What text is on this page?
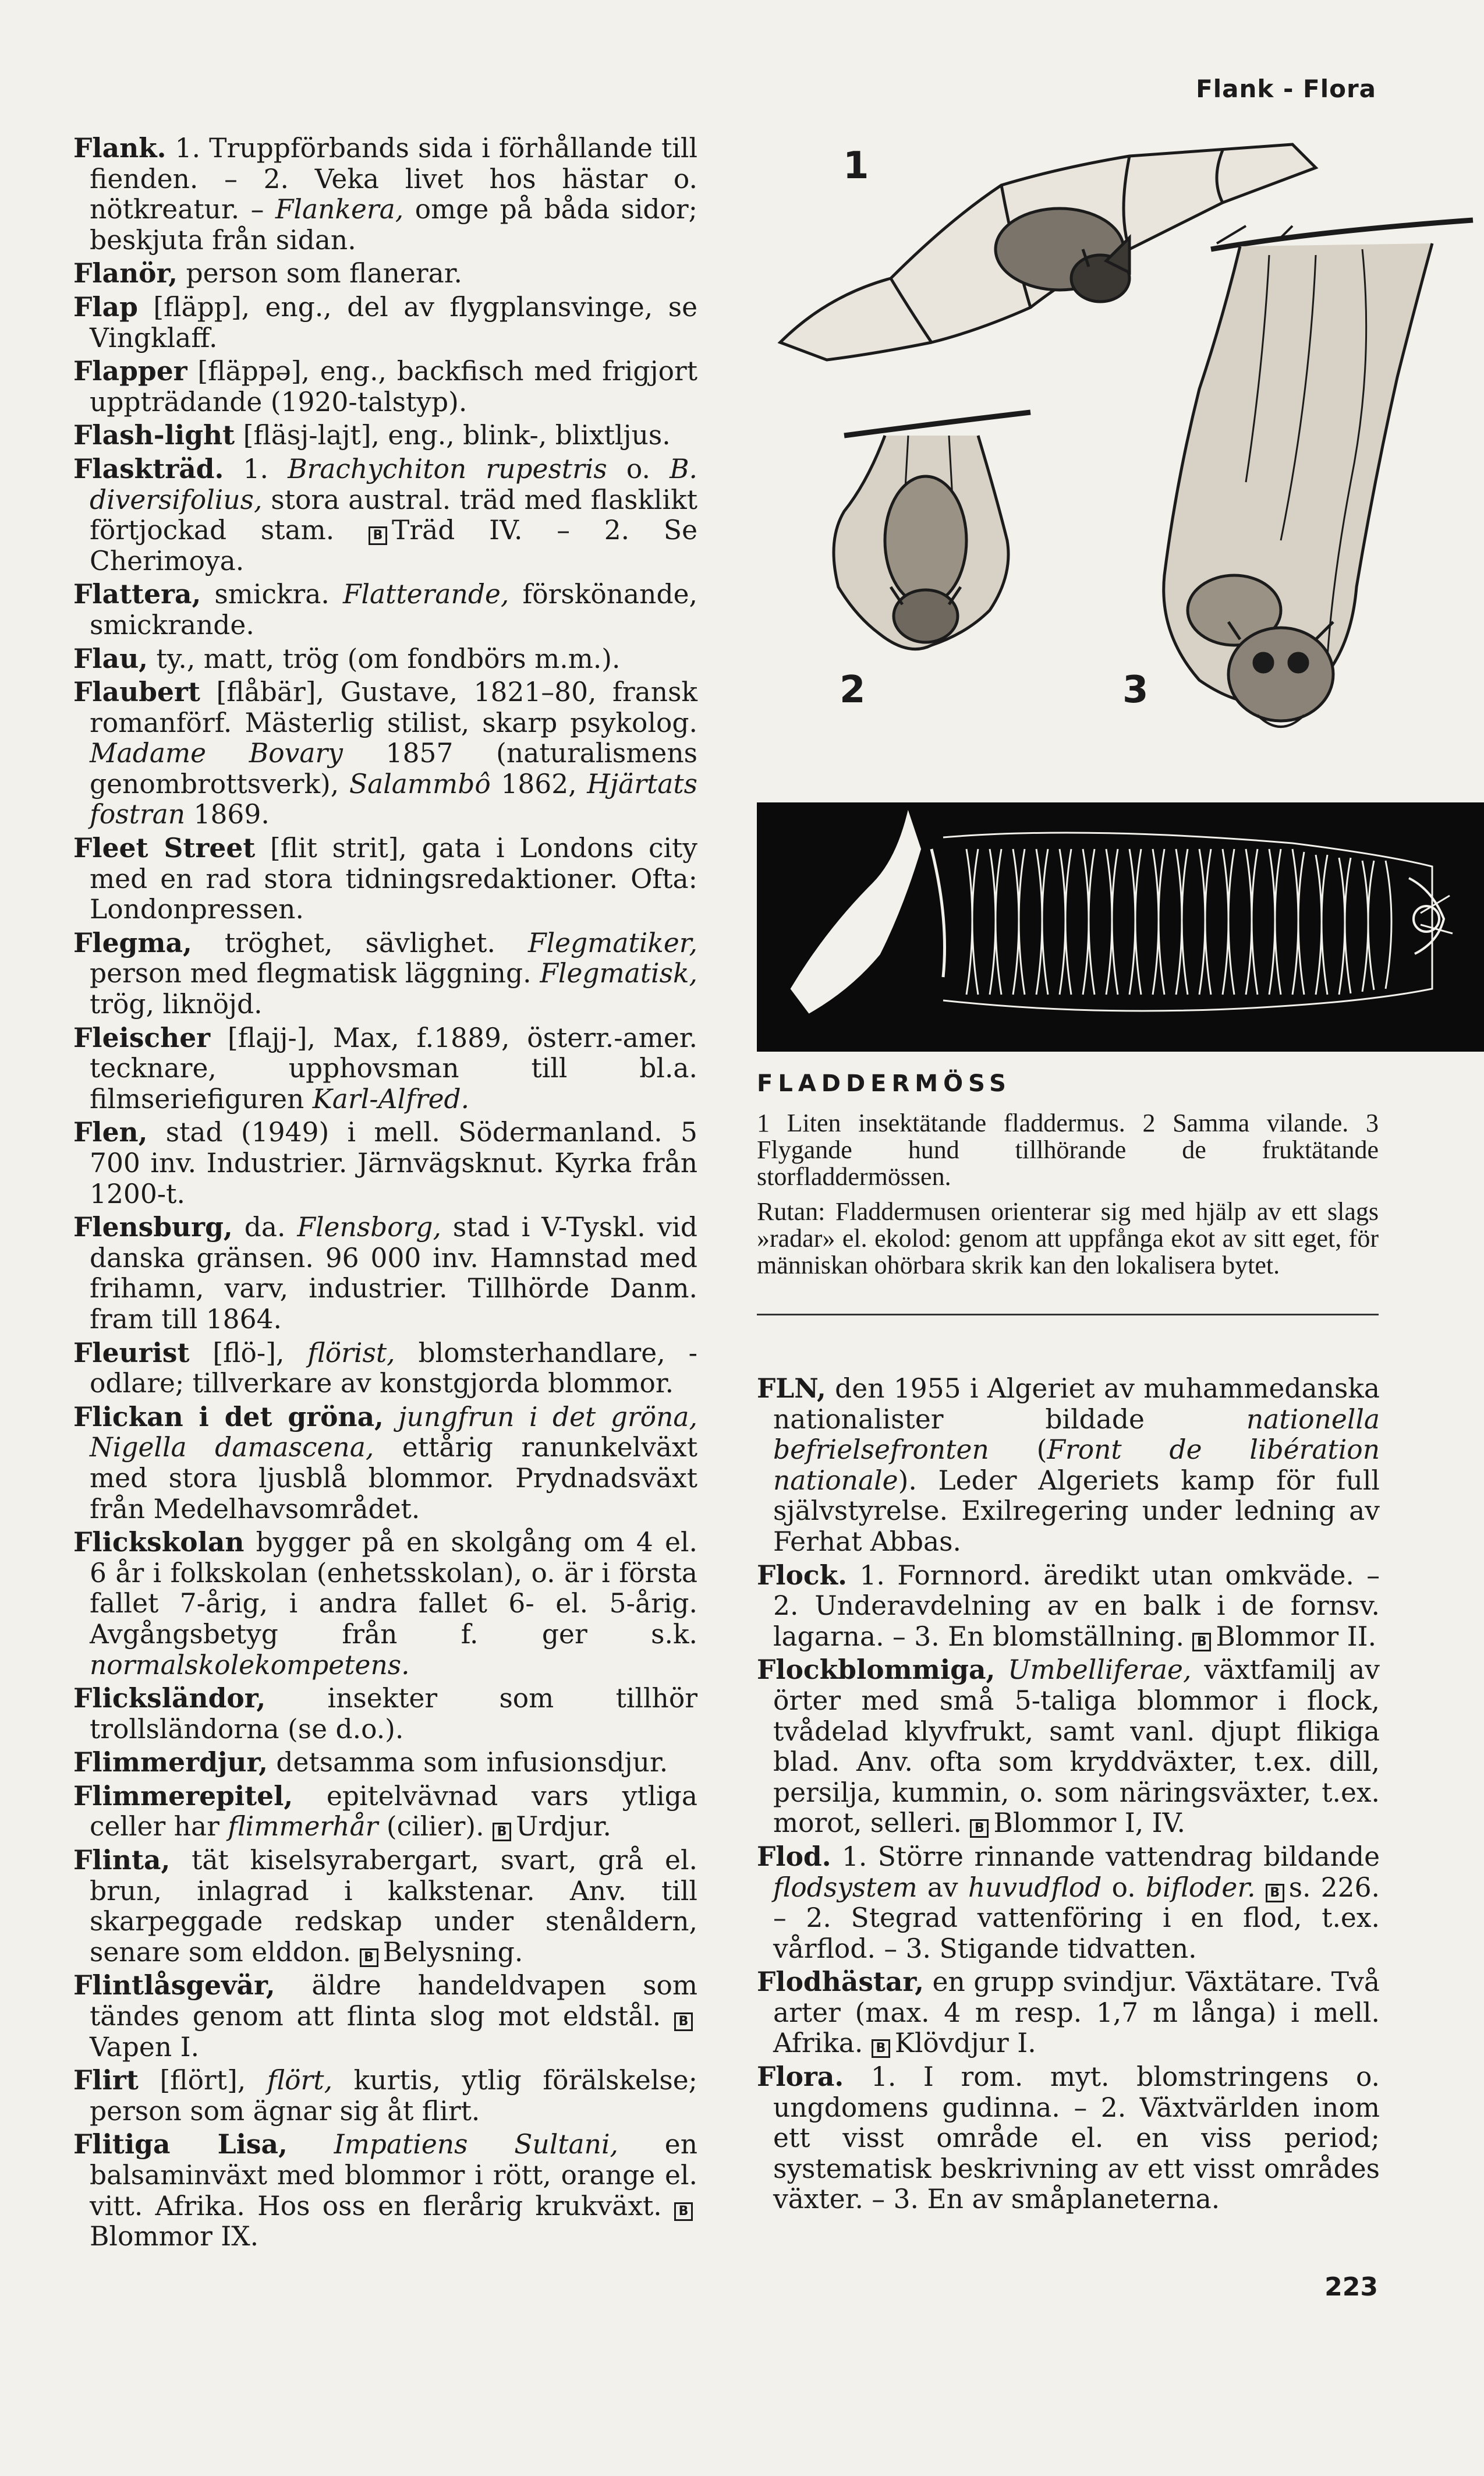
Flank - Flora

Flank. 1. Truppförbands sida i förhållande till fienden. – 2. Veka livet hos hästar o. nötkreatur. – Flankera, omge på båda sidor; beskjuta från sidan.

Flanör, person som flanerar.

Flap [fläpp], eng., del av flygplansvinge, se Vingklaff.

Flapper [fläppə], eng., backfisch med frigjort uppträdande (1920-talstyp).

Flash-light [fläsj-lajt], eng., blink-, blixtljus.

Flaskträd. 1. Brachychiton rupestris o. B. diversifolius, stora austral. träd med flasklikt förtjockad stam. B Träd IV. – 2. Se Cherimoya.

Flattera, smickra. Flatterande, förskönande, smickrande.

Flau, ty., matt, trög (om fondbörs m.m.).

Flaubert [flåbär], Gustave, 1821–80, fransk romanförf. Mästerlig stilist, skarp psykolog. Madame Bovary 1857 (naturalismens genombrottsverk), Salammbô 1862, Hjärtats fostran 1869.

Fleet Street [flit strit], gata i Londons city med en rad stora tidningsredaktioner. Ofta: Londonpressen.

Flegma, tröghet, sävlighet. Flegmatiker, person med flegmatisk läggning. Flegmatisk, trög, liknöjd.

Fleischer [flajj-], Max, f.1889, österr.-amer. tecknare, upphovsman till bl.a. filmseriefiguren Karl-Alfred.

Flen, stad (1949) i mell. Södermanland. 5 700 inv. Industrier. Järnvägsknut. Kyrka från 1200-t.

Flensburg, da. Flensborg, stad i V-Tyskl. vid danska gränsen. 96 000 inv. Hamnstad med frihamn, varv, industrier. Tillhörde Danm. fram till 1864.

Fleurist [flö-], flörist, blomsterhandlare, -odlare; tillverkare av konstgjorda blommor.

Flickan i det gröna, jungfrun i det gröna, Nigella damascena, ettårig ranunkelväxt med stora ljusblå blommor. Prydnadsväxt från Medelhavsområdet.

Flickskolan bygger på en skolgång om 4 el. 6 år i folkskolan (enhetsskolan), o. är i första fallet 7-årig, i andra fallet 6- el. 5-årig. Avgångsbetyg från f. ger s.k. normalskolekompetens.

Flicksländor, insekter som tillhör trollsländorna (se d.o.).

Flimmerdjur, detsamma som infusionsdjur.

Flimmerepitel, epitelvävnad vars ytliga celler har flimmerhår (cilier). B Urdjur.

Flinta, tät kiselsyrabergart, svart, grå el. brun, inlagrad i kalkstenar. Anv. till skarpeggade redskap under stenåldern, senare som elddon. B Belysning.

Flintlåsgevär, äldre handeldvapen som tändes genom att flinta slog mot eldstål. BVapen I.

Flirt [flört], flört, kurtis, ytlig förälskelse; person som ägnar sig åt flirt.

Flitiga Lisa, Impatiens Sultani, en balsaminväxt med blommor i rött, orange el. vitt. Afrika. Hos oss en flerårig krukväxt. BBlommor IX.

1
2	3
FLADDERMÖSS
1 Liten insektätande fladdermus. 2 Samma vilande. 3 Flygande hund tillhörande de fruktätande storfladdermössen.
Rutan: Fladdermusen orienterar sig med hjälp av ett slags »radar» el. ekolod: genom att uppfånga ekot av sitt eget, för människan ohörbara skrik kan den lokalisera bytet.

FLN, den 1955 i Algeriet av muhammedanska nationalister bildade nationella befrielsefronten (Front de libération nationale). Leder Algeriets kamp för full självstyrelse. Exilregering under ledning av Ferhat Abbas.

Flock. 1. Fornnord. äredikt utan omkväde. – 2. Underavdelning av en balk i de fornsv. lagarna. – 3. En blomställning. B Blommor II.

Flockblommiga, Umbelliferae, växtfamilj av örter med små 5-taliga blommor i flock, tvådelad klyvfrukt, samt vanl. djupt flikiga blad. Anv. ofta som kryddväxter, t.ex. dill, persilja, kummin, o. som näringsväxter, t.ex. morot, selleri. B Blommor I, IV.

Flod. 1. Större rinnande vattendrag bildande flodsystem av huvudflod o. bifloder. B s. 226. – 2. Stegrad vattenföring i en flod, t.ex. vårflod. – 3. Stigande tidvatten.

Flodhästar, en grupp svindjur. Växtätare. Två arter (max. 4 m resp. 1,7 m långa) i mell. Afrika. B Klövdjur I.

Flora. 1. I rom. myt. blomstringens o. ungdomens gudinna. – 2. Växtvärlden inom ett visst område el. en viss period; systematisk beskrivning av ett visst områdes växter. – 3. En av småplaneterna.

223
